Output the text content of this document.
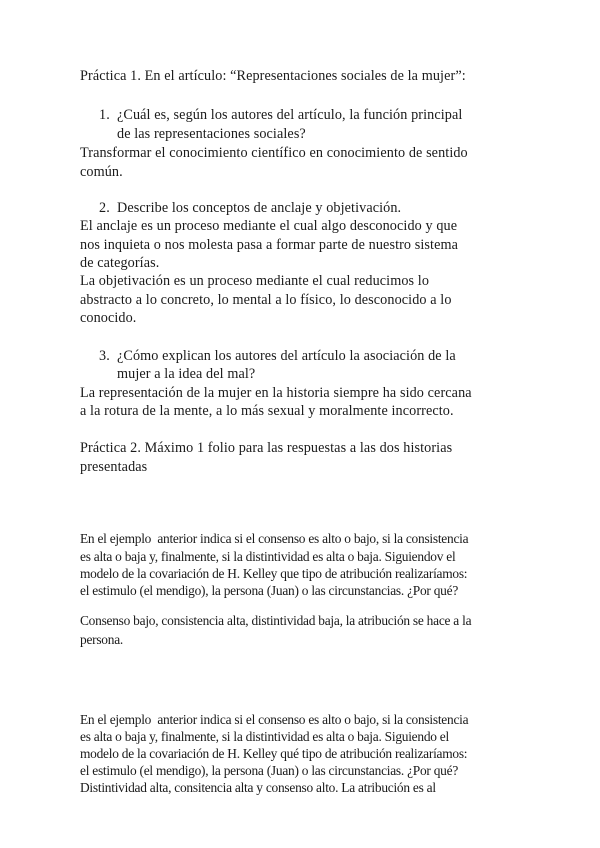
Práctica 1. En el artículo: “Representaciones sociales de la mujer”:
1. ¿Cuál es, según los autores del artículo, la función principal
de las representaciones sociales?
Transformar el conocimiento científico en conocimiento de sentido
común.
2. Describe los conceptos de anclaje y objetivación.
El anclaje es un proceso mediante el cual algo desconocido y que
nos inquieta o nos molesta pasa a formar parte de nuestro sistema
de categorías.
La objetivación es un proceso mediante el cual reducimos lo
abstracto a lo concreto, lo mental a lo físico, lo desconocido a lo
conocido.
3. ¿Cómo explican los autores del artículo la asociación de la
mujer a la idea del mal?
La representación de la mujer en la historia siempre ha sido cercana
a la rotura de la mente, a lo más sexual y moralmente incorrecto.
Práctica 2. Máximo 1 folio para las respuestas a las dos historias
presentadas
En el ejemplo  anterior indica si el consenso es alto o bajo, si la consistencia
es alta o baja y, finalmente, si la distintividad es alta o baja. Siguiendov el
modelo de la covariación de H. Kelley que tipo de atribución realizaríamos:
el estimulo (el mendigo), la persona (Juan) o las circunstancias. ¿Por qué?
Consenso bajo, consistencia alta, distintividad baja, la atribución se hace a la
persona.
En el ejemplo  anterior indica si el consenso es alto o bajo, si la consistencia
es alta o baja y, finalmente, si la distintividad es alta o baja. Siguiendo el
modelo de la covariación de H. Kelley qué tipo de atribución realizaríamos:
el estimulo (el mendigo), la persona (Juan) o las circunstancias. ¿Por qué?
Distintividad alta, consitencia alta y consenso alto. La atribución es al
